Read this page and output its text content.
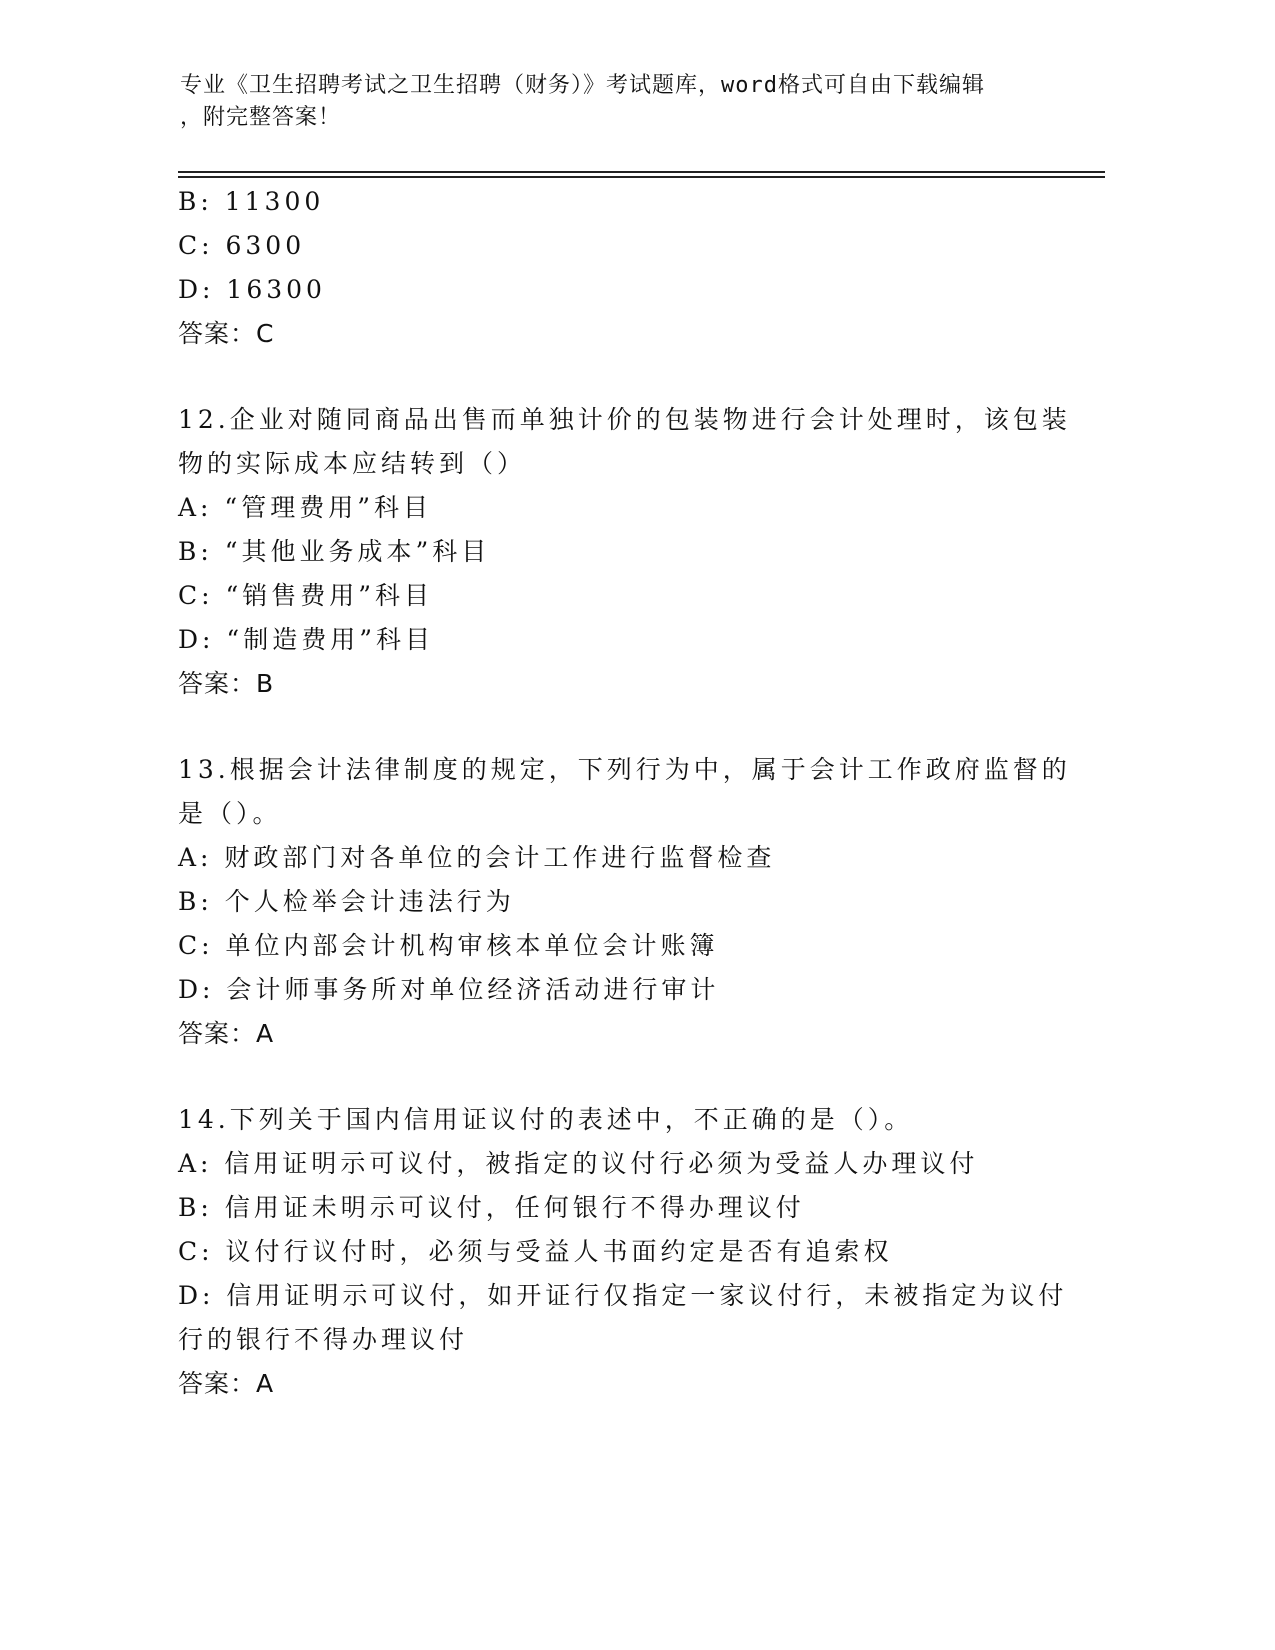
专业《卫生招聘考试之卫生招聘（财务）》考试题库，word格式可自由下载编辑
，附完整答案！
B: 11300
C: 6300
D: 16300
答案：C
12.企业对随同商品出售而单独计价的包装物进行会计处理时，该包装
物的实际成本应结转到（）
A: “管理费用”科目
B: “其他业务成本”科目
C: “销售费用”科目
D: “制造费用”科目
答案：B
13.根据会计法律制度的规定，下列行为中，属于会计工作政府监督的
是（）。
A: 财政部门对各单位的会计工作进行监督检查
B: 个人检举会计违法行为
C: 单位内部会计机构审核本单位会计账簿
D: 会计师事务所对单位经济活动进行审计
答案：A
14.下列关于国内信用证议付的表述中，不正确的是（）。
A: 信用证明示可议付，被指定的议付行必须为受益人办理议付
B: 信用证未明示可议付，任何银行不得办理议付
C: 议付行议付时，必须与受益人书面约定是否有追索权
D: 信用证明示可议付，如开证行仅指定一家议付行，未被指定为议付
行的银行不得办理议付
答案：A
